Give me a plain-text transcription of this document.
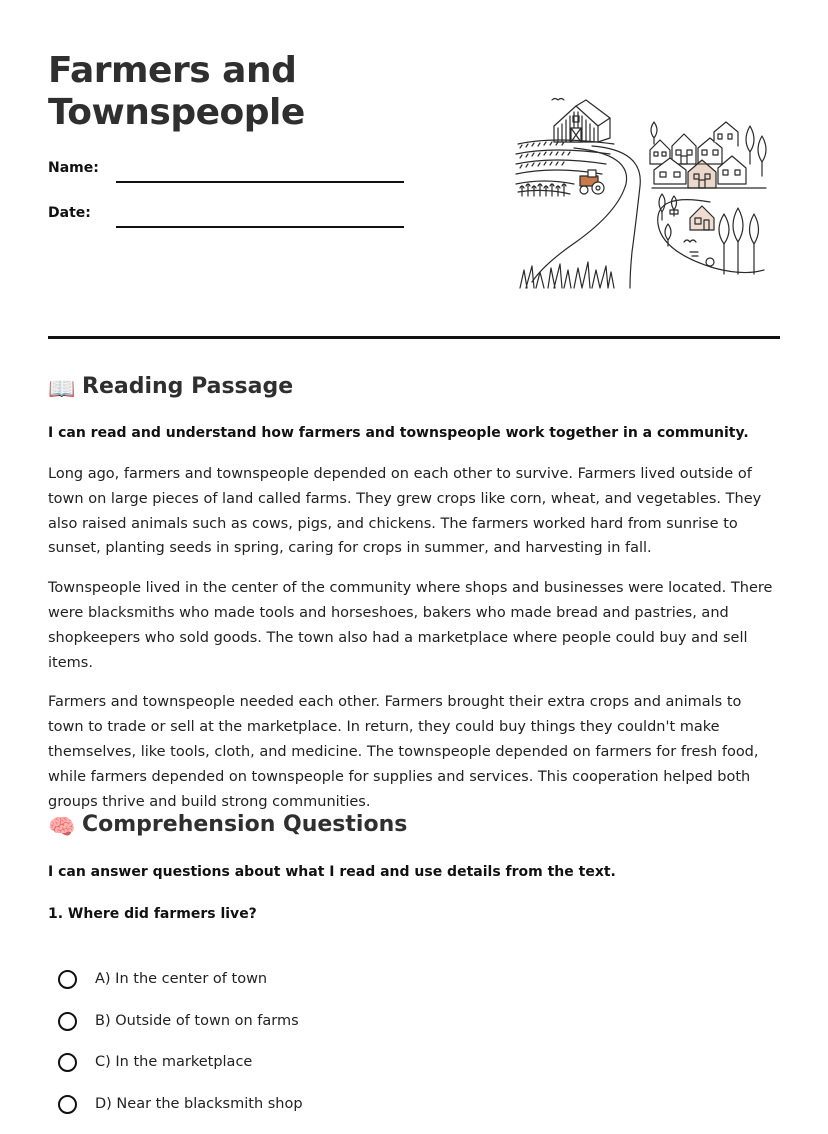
Farmers and
Townspeople
Name:
Date:
📖 Reading Passage

I can read and understand how farmers and townspeople work together in a community.

Long ago, farmers and townspeople depended on each other to survive. Farmers lived outside of town on large pieces of land called farms. They grew crops like corn, wheat, and vegetables. They also raised animals such as cows, pigs, and chickens. The farmers worked hard from sunrise to sunset, planting seeds in spring, caring for crops in summer, and harvesting in fall.

Townspeople lived in the center of the community where shops and businesses were located. There were blacksmiths who made tools and horseshoes, bakers who made bread and pastries, and shopkeepers who sold goods. The town also had a marketplace where people could buy and sell items.

Farmers and townspeople needed each other. Farmers brought their extra crops and animals to town to trade or sell at the marketplace. In return, they could buy things they couldn't make themselves, like tools, cloth, and medicine. The townspeople depended on farmers for fresh food, while farmers depended on townspeople for supplies and services. This cooperation helped both groups thrive and build strong communities.

🧠 Comprehension Questions

I can answer questions about what I read and use details from the text.

1. Where did farmers live?

A) In the center of town
B) Outside of town on farms
C) In the marketplace
D) Near the blacksmith shop
